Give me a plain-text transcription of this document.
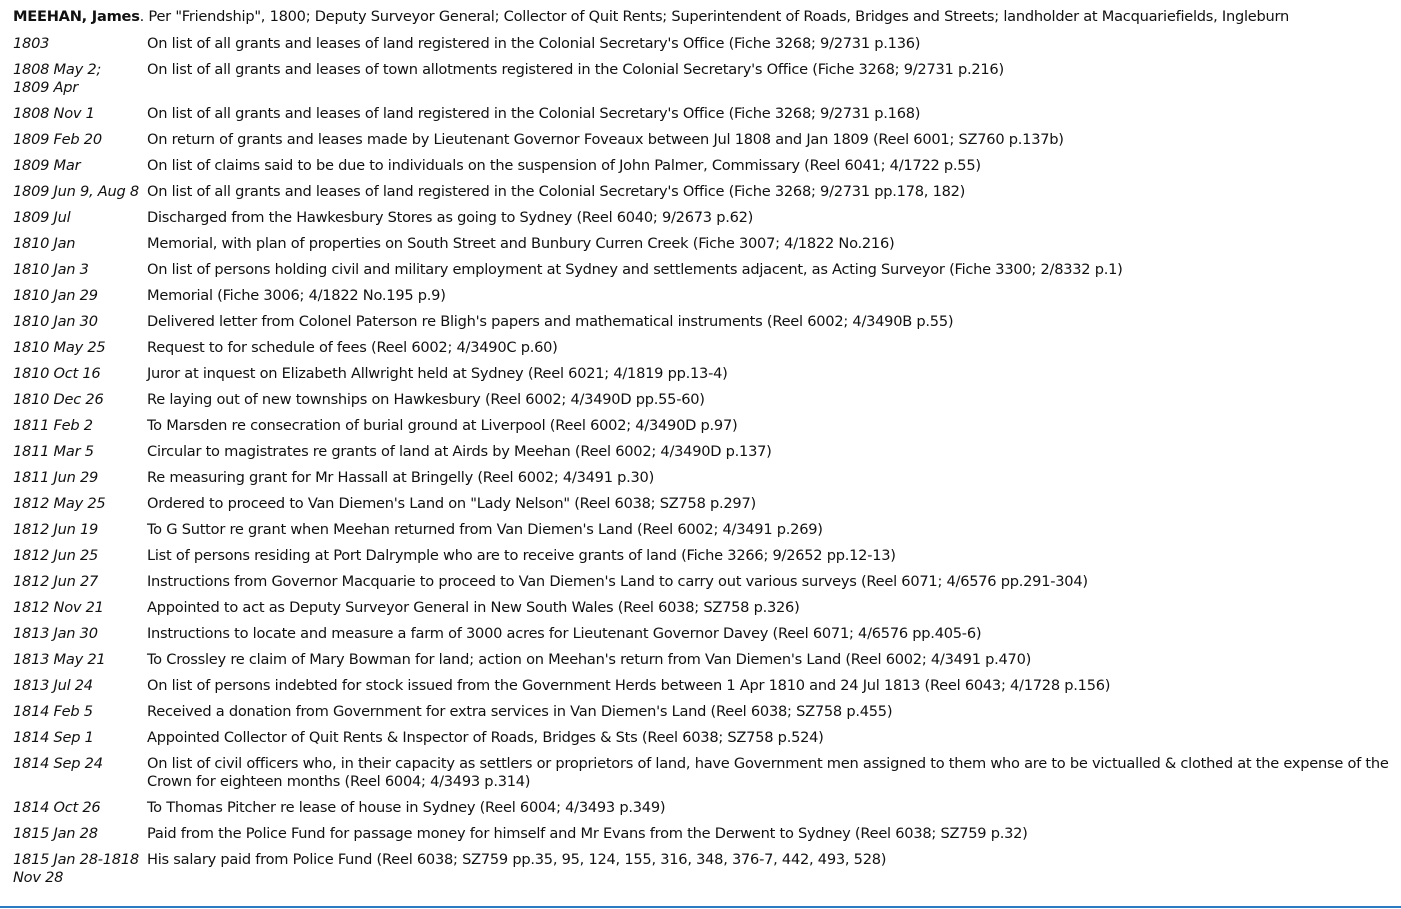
MEEHAN, James. Per "Friendship", 1800; Deputy Surveyor General; Collector of Quit Rents; Superintendent of Roads, Bridges and Streets; landholder at Macquariefields, Ingleburn
1803	On list of all grants and leases of land registered in the Colonial Secretary's Office (Fiche 3268; 9/2731 p.136)
1808 May 2; 1809 Apr	On list of all grants and leases of town allotments registered in the Colonial Secretary's Office (Fiche 3268; 9/2731 p.216)
1808 Nov 1	On list of all grants and leases of land registered in the Colonial Secretary's Office (Fiche 3268; 9/2731 p.168)
1809 Feb 20	On return of grants and leases made by Lieutenant Governor Foveaux between Jul 1808 and Jan 1809 (Reel 6001; SZ760 p.137b)
1809 Mar	On list of claims said to be due to individuals on the suspension of John Palmer, Commissary (Reel 6041; 4/1722 p.55)
1809 Jun 9, Aug 8	On list of all grants and leases of land registered in the Colonial Secretary's Office (Fiche 3268; 9/2731 pp.178, 182)
1809 Jul	Discharged from the Hawkesbury Stores as going to Sydney (Reel 6040; 9/2673 p.62)
1810 Jan	Memorial, with plan of properties on South Street and Bunbury Curren Creek (Fiche 3007; 4/1822 No.216)
1810 Jan 3	On list of persons holding civil and military employment at Sydney and settlements adjacent, as Acting Surveyor (Fiche 3300; 2/8332 p.1)
1810 Jan 29	Memorial (Fiche 3006; 4/1822 No.195 p.9)
1810 Jan 30	Delivered letter from Colonel Paterson re Bligh's papers and mathematical instruments (Reel 6002; 4/3490B p.55)
1810 May 25	Request to for schedule of fees (Reel 6002; 4/3490C p.60)
1810 Oct 16	Juror at inquest on Elizabeth Allwright held at Sydney (Reel 6021; 4/1819 pp.13-4)
1810 Dec 26	Re laying out of new townships on Hawkesbury (Reel 6002; 4/3490D pp.55-60)
1811 Feb 2	To Marsden re consecration of burial ground at Liverpool (Reel 6002; 4/3490D p.97)
1811 Mar 5	Circular to magistrates re grants of land at Airds by Meehan (Reel 6002; 4/3490D p.137)
1811 Jun 29	Re measuring grant for Mr Hassall at Bringelly (Reel 6002; 4/3491 p.30)
1812 May 25	Ordered to proceed to Van Diemen's Land on "Lady Nelson" (Reel 6038; SZ758 p.297)
1812 Jun 19	To G Suttor re grant when Meehan returned from Van Diemen's Land (Reel 6002; 4/3491 p.269)
1812 Jun 25	List of persons residing at Port Dalrymple who are to receive grants of land (Fiche 3266; 9/2652 pp.12-13)
1812 Jun 27	Instructions from Governor Macquarie to proceed to Van Diemen's Land to carry out various surveys (Reel 6071; 4/6576 pp.291-304)
1812 Nov 21	Appointed to act as Deputy Surveyor General in New South Wales (Reel 6038; SZ758 p.326)
1813 Jan 30	Instructions to locate and measure a farm of 3000 acres for Lieutenant Governor Davey (Reel 6071; 4/6576 pp.405-6)
1813 May 21	To Crossley re claim of Mary Bowman for land; action on Meehan's return from Van Diemen's Land (Reel 6002; 4/3491 p.470)
1813 Jul 24	On list of persons indebted for stock issued from the Government Herds between 1 Apr 1810 and 24 Jul 1813 (Reel 6043; 4/1728 p.156)
1814 Feb 5	Received a donation from Government for extra services in Van Diemen's Land (Reel 6038; SZ758 p.455)
1814 Sep 1	Appointed Collector of Quit Rents & Inspector of Roads, Bridges & Sts (Reel 6038; SZ758 p.524)
1814 Sep 24	On list of civil officers who, in their capacity as settlers or proprietors of land, have Government men assigned to them who are to be victualled & clothed at the expense of the Crown for eighteen months (Reel 6004; 4/3493 p.314)
1814 Oct 26	To Thomas Pitcher re lease of house in Sydney (Reel 6004; 4/3493 p.349)
1815 Jan 28	Paid from the Police Fund for passage money for himself and Mr Evans from the Derwent to Sydney (Reel 6038; SZ759 p.32)
1815 Jan 28-1818 Nov 28	His salary paid from Police Fund (Reel 6038; SZ759 pp.35, 95, 124, 155, 316, 348, 376-7, 442, 493, 528)
